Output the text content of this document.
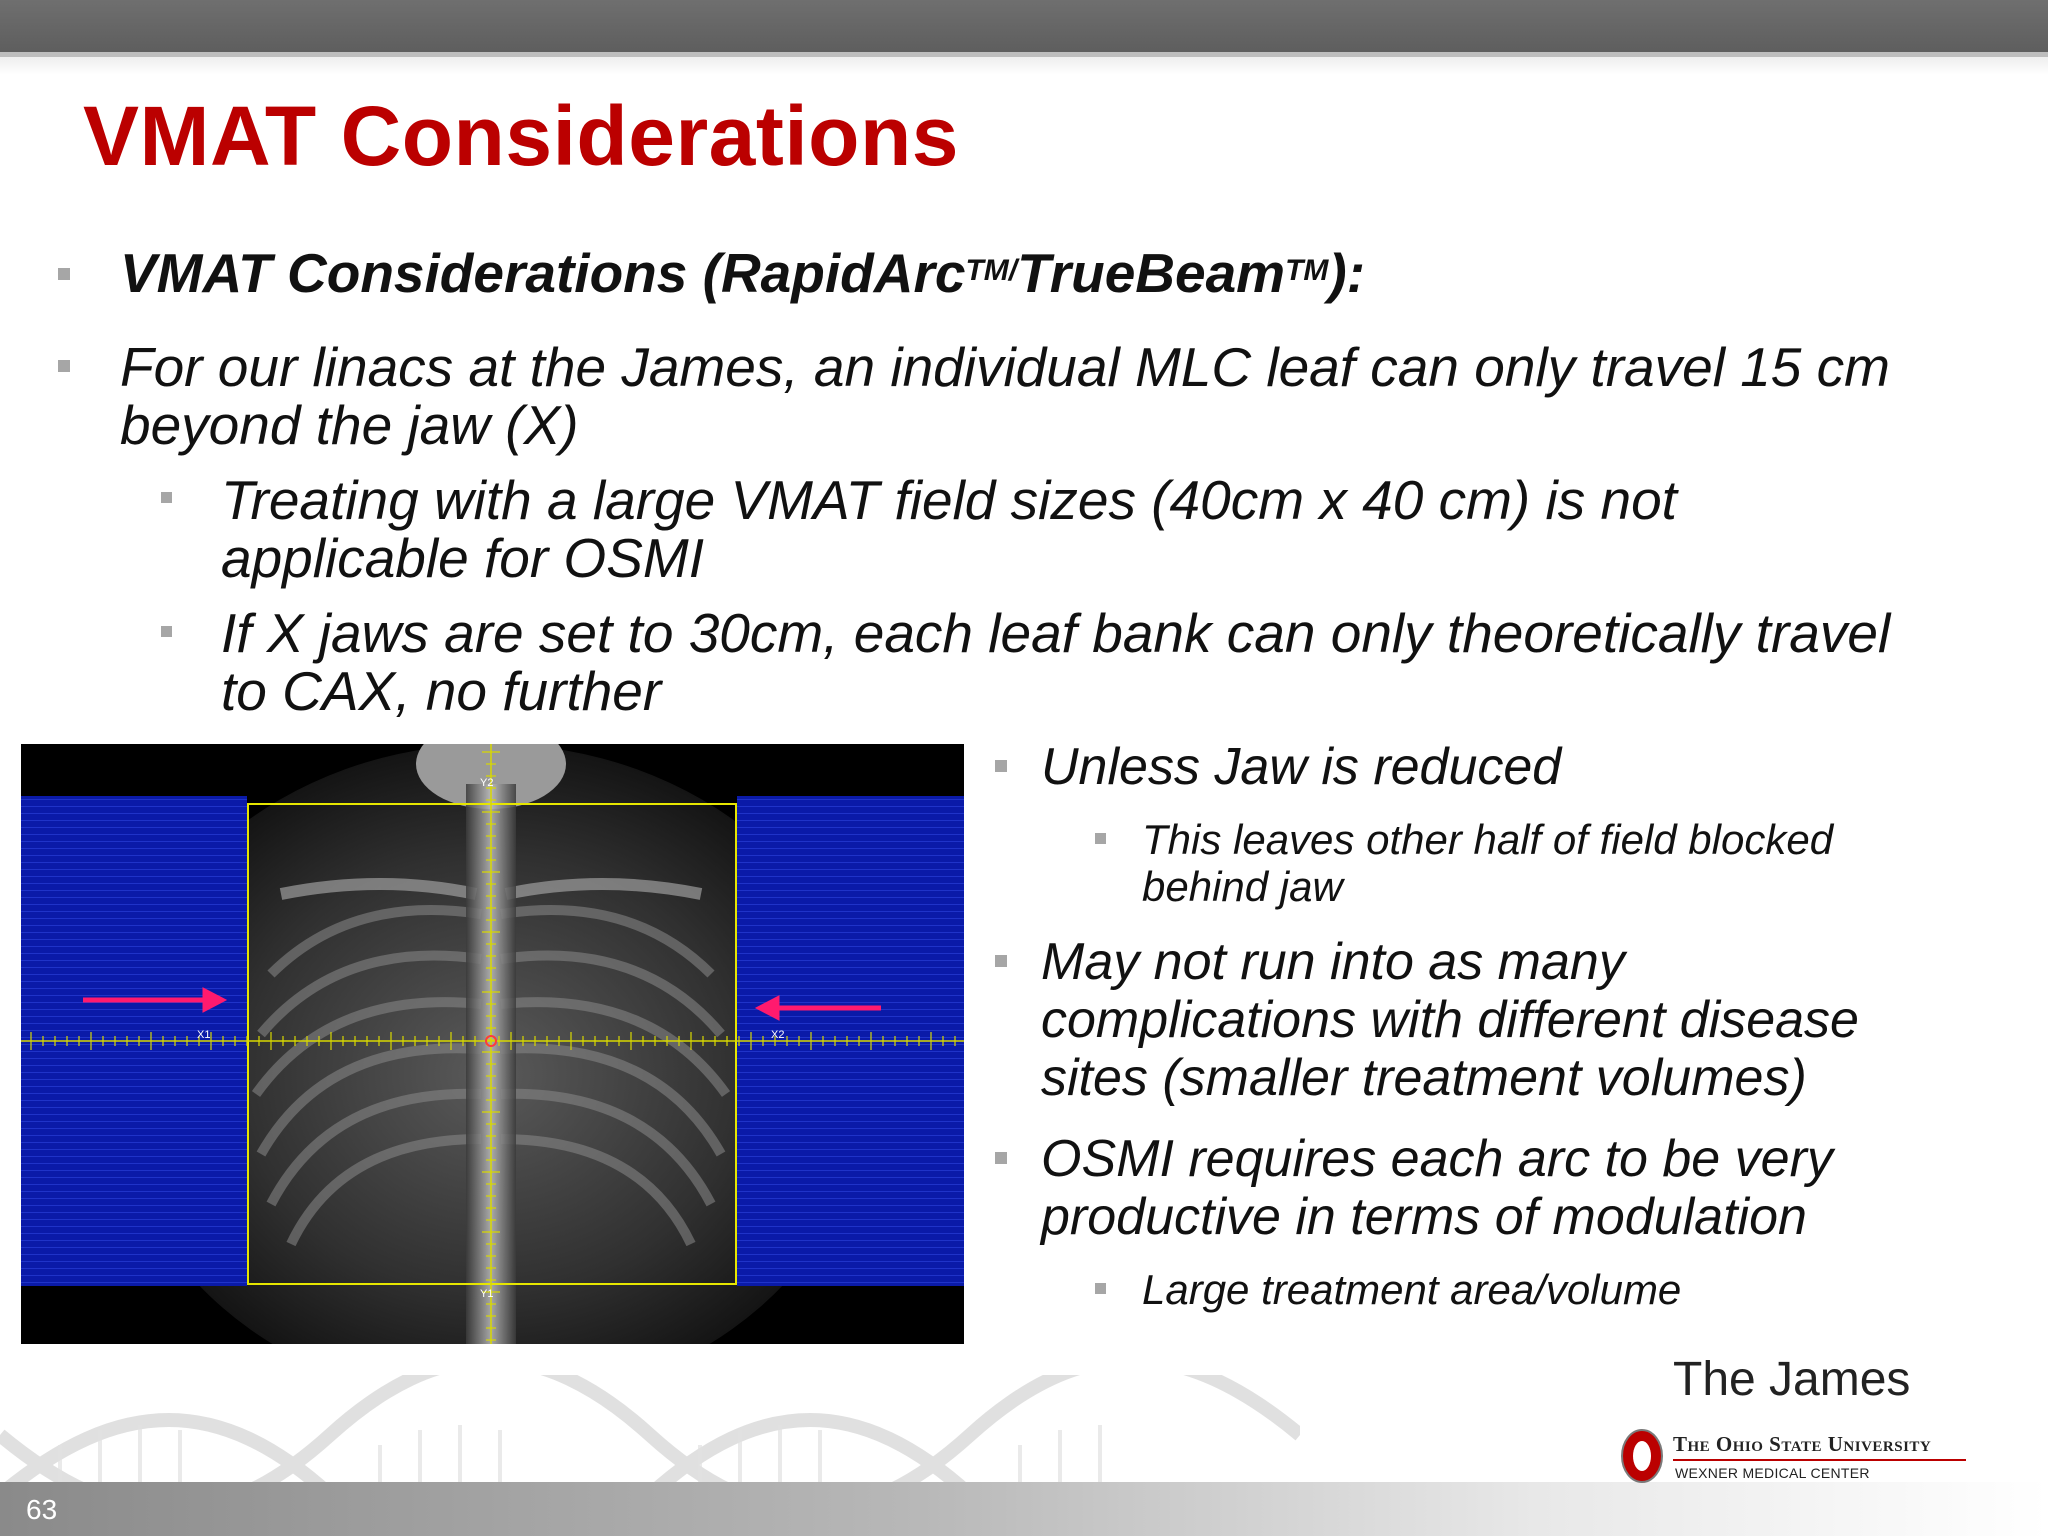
VMAT Considerations

VMAT Considerations (RapidArc$^{TM/}$TrueBeam™):

For our linacs at the James, an individual MLC leaf can only travel 15 cm
beyond the jaw (X)

Treating with a large VMAT field sizes (40cm x 40 cm) is not
applicable for OSMI

If X jaws are set to 30cm, each leaf bank can only theoretically travel
to CAX, no further

Y2
Y1
X1	X2

Unless Jaw is reduced

This leaves other half of field blocked
behind jaw

May not run into as many
complications with different disease
sites (smaller treatment volumes)

OSMI requires each arc to be very
productive in terms of modulation

Large treatment area/volume

63
The James
The Ohio State University
WEXNER MEDICAL CENTER
